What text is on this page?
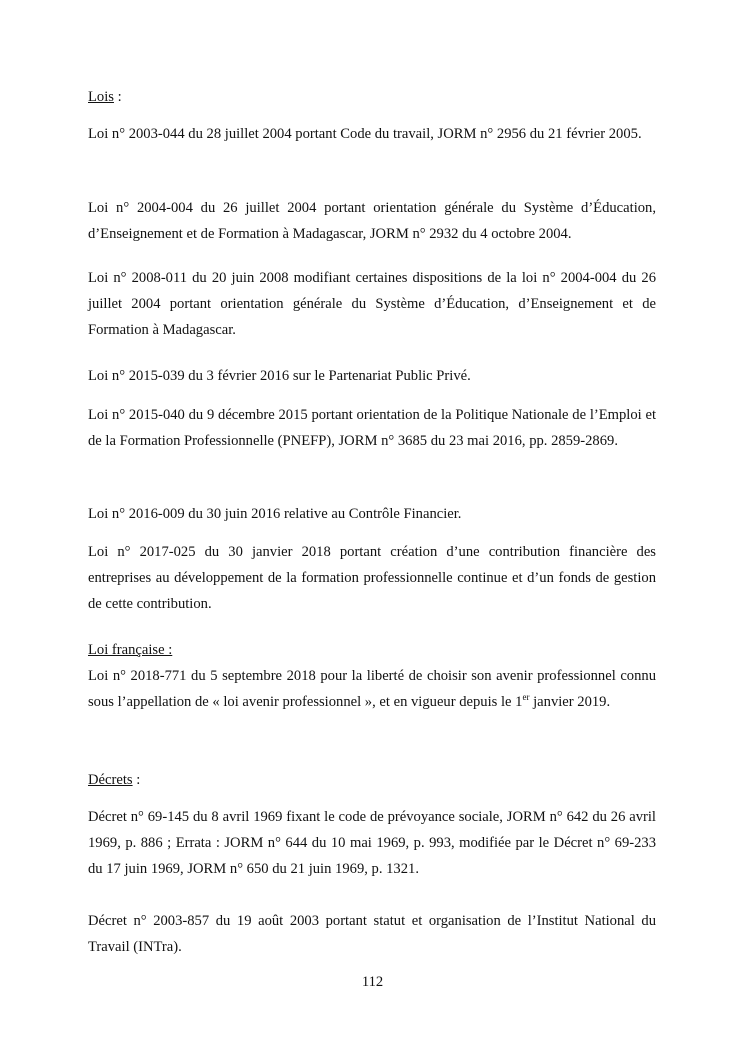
Lois :

Loi n° 2003-044 du 28 juillet 2004 portant Code du travail, JORM n° 2956 du 21 février 2005.

Loi n° 2004-004 du 26 juillet 2004 portant orientation générale du Système d’Éducation, d’Enseignement et de Formation à Madagascar, JORM n° 2932 du 4 octobre 2004.

Loi n° 2008-011 du 20 juin 2008 modifiant certaines dispositions de la loi n° 2004-004 du 26 juillet 2004 portant orientation générale du Système d’Éducation, d’Enseignement et de Formation à Madagascar.

Loi n° 2015-039 du 3 février 2016 sur le Partenariat Public Privé.

Loi n° 2015-040 du 9 décembre 2015 portant orientation de la Politique Nationale de l’Emploi et de la Formation Professionnelle (PNEFP), JORM n° 3685 du 23 mai 2016, pp. 2859-2869.

Loi n° 2016-009 du 30 juin 2016 relative au Contrôle Financier.

Loi n° 2017-025 du 30 janvier 2018 portant création d’une contribution financière des entreprises au développement de la formation professionnelle continue et d’un fonds de gestion de cette contribution.

Loi française :

Loi n° 2018-771 du 5 septembre 2018 pour la liberté de choisir son avenir professionnel connu sous l’appellation de « loi avenir professionnel », et en vigueur depuis le 1er janvier 2019.

Décrets :

Décret n° 69-145 du 8 avril 1969 fixant le code de prévoyance sociale, JORM n° 642 du 26 avril 1969, p. 886 ; Errata : JORM n° 644 du 10 mai 1969, p. 993, modifiée par le Décret n° 69-233 du 17 juin 1969, JORM n° 650 du 21 juin 1969, p. 1321.

Décret n° 2003-857 du 19 août 2003 portant statut et organisation de l’Institut National du Travail (INTra).

112
